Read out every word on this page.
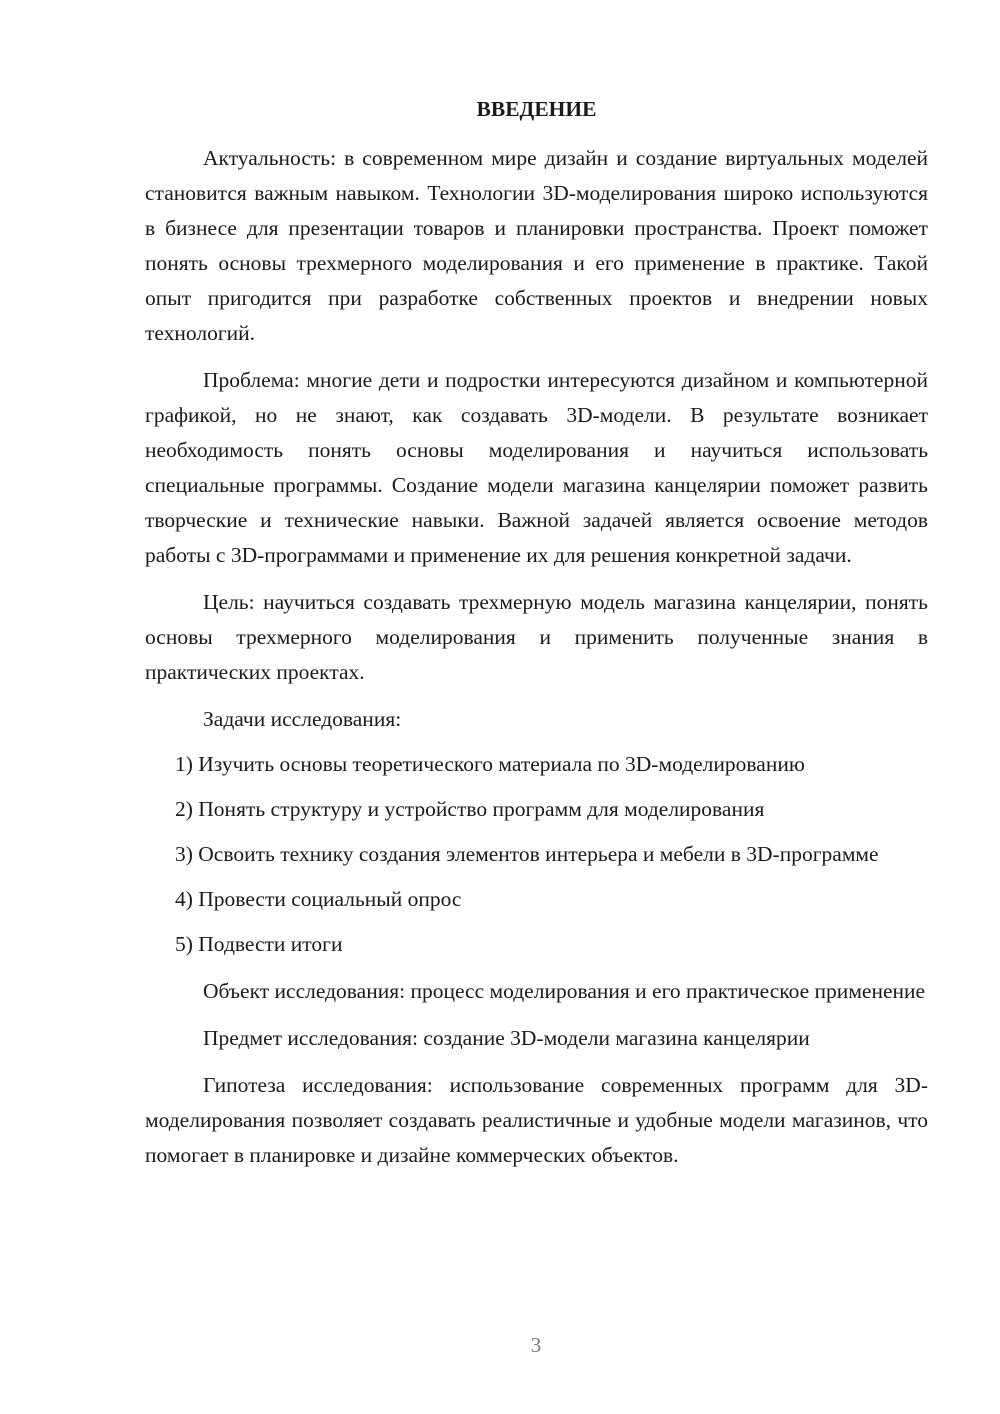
ВВЕДЕНИЕ

Актуальность: в современном мире дизайн и создание виртуальных моделей становится важным навыком. Технологии 3D-моделирования широко используются в бизнесе для презентации товаров и планировки пространства. Проект поможет понять основы трехмерного моделирования и его применение в практике. Такой опыт пригодится при разработке собственных проектов и внедрении новых технологий.

Проблема: многие дети и подростки интересуются дизайном и компьютерной графикой, но не знают, как создавать 3D-модели. В результате возникает необходимость понять основы моделирования и научиться использовать специальные программы. Создание модели магазина канцелярии поможет развить творческие и технические навыки. Важной задачей является освоение методов работы с 3D-программами и применение их для решения конкретной задачи.

Цель: научиться создавать трехмерную модель магазина канцелярии, понять основы трехмерного моделирования и применить полученные знания в практических проектах.

Задачи исследования:

1) Изучить основы теоретического материала по 3D-моделированию

2) Понять структуру и устройство программ для моделирования

3) Освоить технику создания элементов интерьера и мебели в 3D-программе

4) Провести социальный опрос

5) Подвести итоги

Объект исследования: процесс моделирования и его практическое применение

Предмет исследования: создание 3D-модели магазина канцелярии

Гипотеза исследования: использование современных программ для 3D-моделирования позволяет создавать реалистичные и удобные модели магазинов, что помогает в планировке и дизайне коммерческих объектов.

3
